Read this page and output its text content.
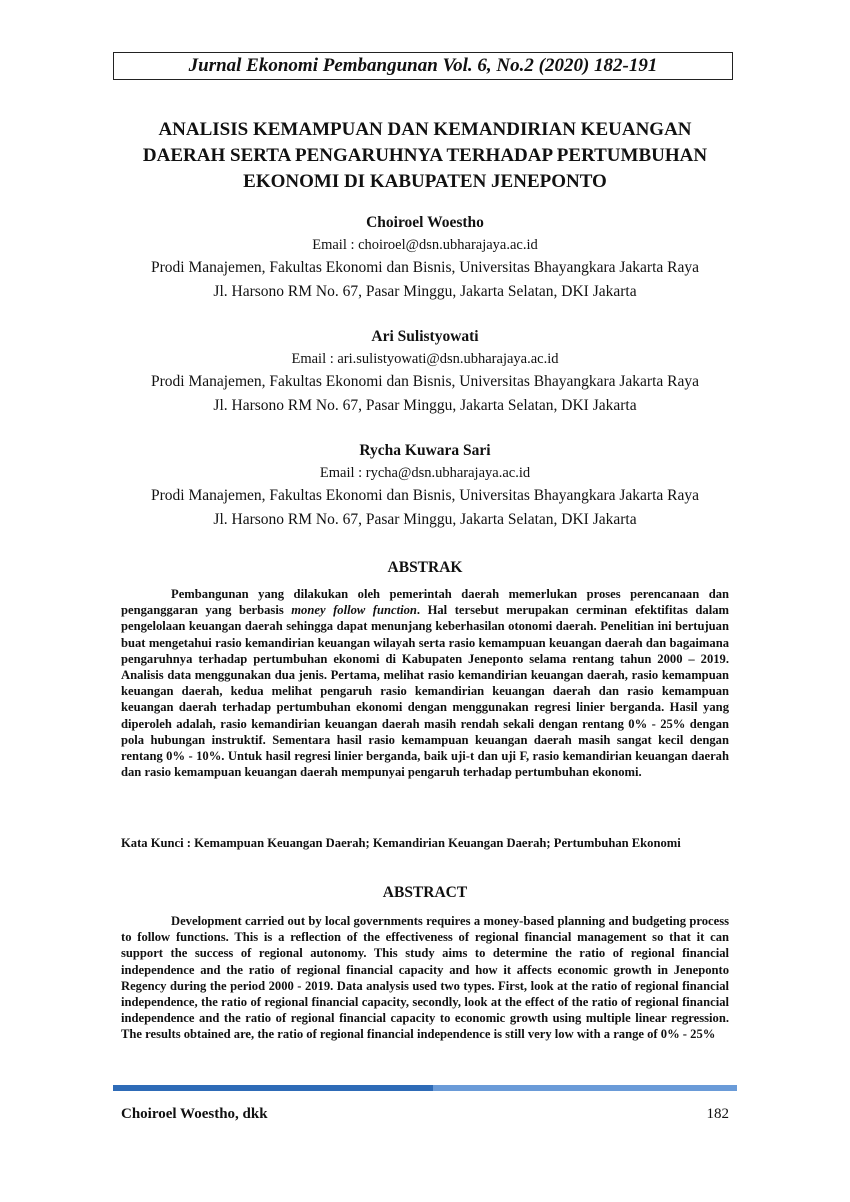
Jurnal Ekonomi Pembangunan Vol. 6, No.2 (2020) 182-191
ANALISIS KEMAMPUAN DAN KEMANDIRIAN KEUANGAN
DAERAH SERTA PENGARUHNYA TERHADAP PERTUMBUHAN
EKONOMI DI KABUPATEN JENEPONTO
Choiroel Woestho
Email : choiroel@dsn.ubharajaya.ac.id
Prodi Manajemen, Fakultas Ekonomi dan Bisnis, Universitas Bhayangkara Jakarta Raya
Jl. Harsono RM No. 67, Pasar Minggu, Jakarta Selatan, DKI Jakarta
Ari Sulistyowati
Email : ari.sulistyowati@dsn.ubharajaya.ac.id
Prodi Manajemen, Fakultas Ekonomi dan Bisnis, Universitas Bhayangkara Jakarta Raya
Jl. Harsono RM No. 67, Pasar Minggu, Jakarta Selatan, DKI Jakarta
Rycha Kuwara Sari
Email : rycha@dsn.ubharajaya.ac.id
Prodi Manajemen, Fakultas Ekonomi dan Bisnis, Universitas Bhayangkara Jakarta Raya
Jl. Harsono RM No. 67, Pasar Minggu, Jakarta Selatan, DKI Jakarta
ABSTRAK
Pembangunan yang dilakukan oleh pemerintah daerah memerlukan proses perencanaan dan penganggaran yang berbasis money follow function. Hal tersebut merupakan cerminan efektifitas dalam pengelolaan keuangan daerah sehingga dapat menunjang keberhasilan otonomi daerah. Penelitian ini bertujuan buat mengetahui rasio kemandirian keuangan wilayah serta rasio kemampuan keuangan daerah dan bagaimana pengaruhnya terhadap pertumbuhan ekonomi di Kabupaten Jeneponto selama rentang tahun 2000 – 2019. Analisis data menggunakan dua jenis. Pertama, melihat rasio kemandirian keuangan daerah, rasio kemampuan keuangan daerah, kedua melihat pengaruh rasio kemandirian keuangan daerah dan rasio kemampuan keuangan daerah terhadap pertumbuhan ekonomi dengan menggunakan regresi linier berganda. Hasil yang diperoleh adalah, rasio kemandirian keuangan daerah masih rendah sekali dengan rentang 0% - 25% dengan pola hubungan instruktif. Sementara hasil rasio kemampuan keuangan daerah masih sangat kecil dengan rentang 0% - 10%. Untuk hasil regresi linier berganda, baik uji-t dan uji F, rasio kemandirian keuangan daerah dan rasio kemampuan keuangan daerah mempunyai pengaruh terhadap pertumbuhan ekonomi.
Kata Kunci : Kemampuan Keuangan Daerah; Kemandirian Keuangan Daerah; Pertumbuhan Ekonomi
ABSTRACT
Development carried out by local governments requires a money-based planning and budgeting process to follow functions. This is a reflection of the effectiveness of regional financial management so that it can support the success of regional autonomy. This study aims to determine the ratio of regional financial independence and the ratio of regional financial capacity and how it affects economic growth in Jeneponto Regency during the period 2000 - 2019. Data analysis used two types. First, look at the ratio of regional financial independence, the ratio of regional financial capacity, secondly, look at the effect of the ratio of regional financial independence and the ratio of regional financial capacity to economic growth using multiple linear regression. The results obtained are, the ratio of regional financial independence is still very low with a range of 0% - 25%
Choiroel Woestho, dkk	182
